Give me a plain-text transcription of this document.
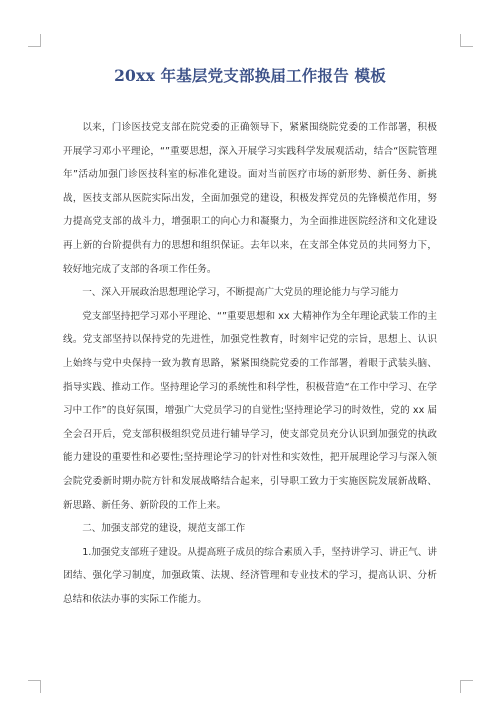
20xx 年基层党支部换届工作报告 模板

以来，门诊医技党支部在院党委的正确领导下，紧紧围绕院党委的工作部署，积极开展学习邓小平理论，“”重要思想，深入开展学习实践科学发展观活动，结合“医院管理年”活动加强门诊医技科室的标准化建设。面对当前医疗市场的新形势、新任务、新挑战，医技支部从医院实际出发，全面加强党的建设，积极发挥党员的先锋模范作用，努力提高党支部的战斗力，增强职工的向心力和凝聚力，为全面推进医院经济和文化建设再上新的台阶提供有力的思想和组织保证。去年以来，在支部全体党员的共同努力下，较好地完成了支部的各项工作任务。

一、深入开展政治思想理论学习，不断提高广大党员的理论能力与学习能力

党支部坚持把学习邓小平理论、“”重要思想和 xx 大精神作为全年理论武装工作的主线。党支部坚持以保持党的先进性，加强党性教育，时刻牢记党的宗旨，思想上、认识上始终与党中央保持一致为教育思路，紧紧围绕院党委的工作部署，着眼于武装头脑、指导实践、推动工作。坚持理论学习的系统性和科学性，积极营造“在工作中学习、在学习中工作”的良好氛围，增强广大党员学习的自觉性;坚持理论学习的时效性，党的 xx 届全会召开后，党支部积极组织党员进行辅导学习，使支部党员充分认识到加强党的执政能力建设的重要性和必要性;坚持理论学习的针对性和实效性，把开展理论学习与深入领会院党委新时期办院方针和发展战略结合起来，引导职工致力于实施医院发展新战略、新思路、新任务、新阶段的工作上来。

二、加强支部党的建设，规范支部工作

1.加强党支部班子建设。从提高班子成员的综合素质入手，坚持讲学习、讲正气、讲团结、强化学习制度，加强政策、法规、经济管理和专业技术的学习，提高认识、分析总结和依法办事的实际工作能力。
